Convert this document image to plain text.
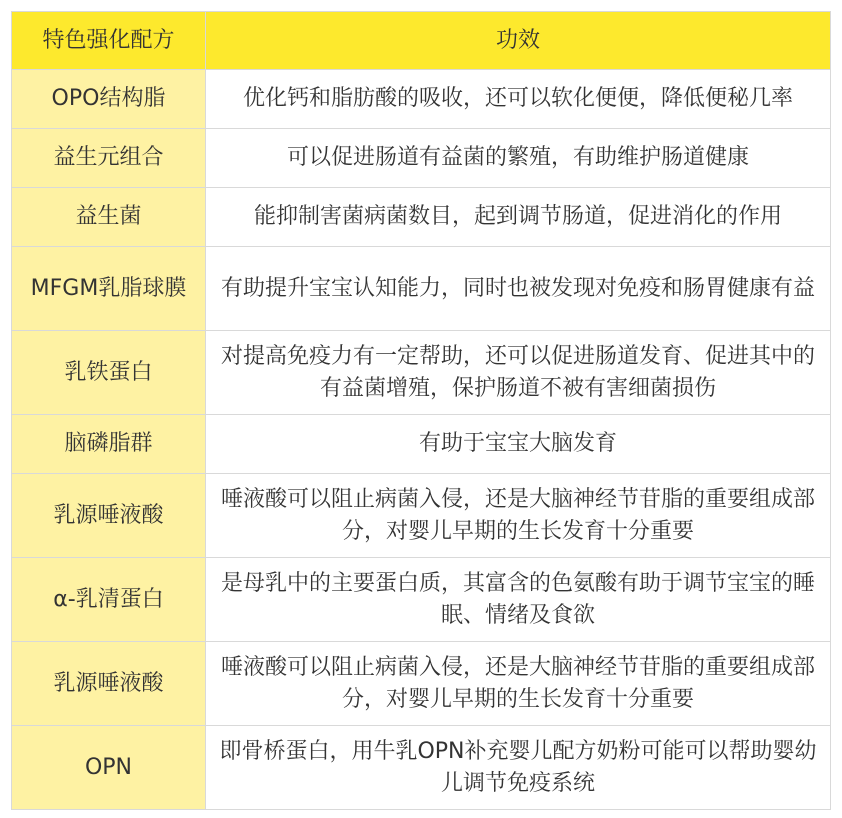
特色强化配方	功效
OPO结构脂	优化钙和脂肪酸的吸收，还可以软化便便，降低便秘几率
益生元组合	可以促进肠道有益菌的繁殖，有助维护肠道健康
益生菌	能抑制害菌病菌数目，起到调节肠道，促进消化的作用
MFGM乳脂球膜	有助提升宝宝认知能力，同时也被发现对免疫和肠胃健康有益
乳铁蛋白	对提高免疫力有一定帮助，还可以促进肠道发育、促进其中的有益菌增殖，保护肠道不被有害细菌损伤
脑磷脂群	有助于宝宝大脑发育
乳源唾液酸	唾液酸可以阻止病菌入侵，还是大脑神经节苷脂的重要组成部分，对婴儿早期的生长发育十分重要
α-乳清蛋白	是母乳中的主要蛋白质，其富含的色氨酸有助于调节宝宝的睡眠、情绪及食欲
乳源唾液酸	唾液酸可以阻止病菌入侵，还是大脑神经节苷脂的重要组成部分，对婴儿早期的生长发育十分重要
OPN	即骨桥蛋白，用牛乳OPN补充婴儿配方奶粉可能可以帮助婴幼儿调节免疫系统
